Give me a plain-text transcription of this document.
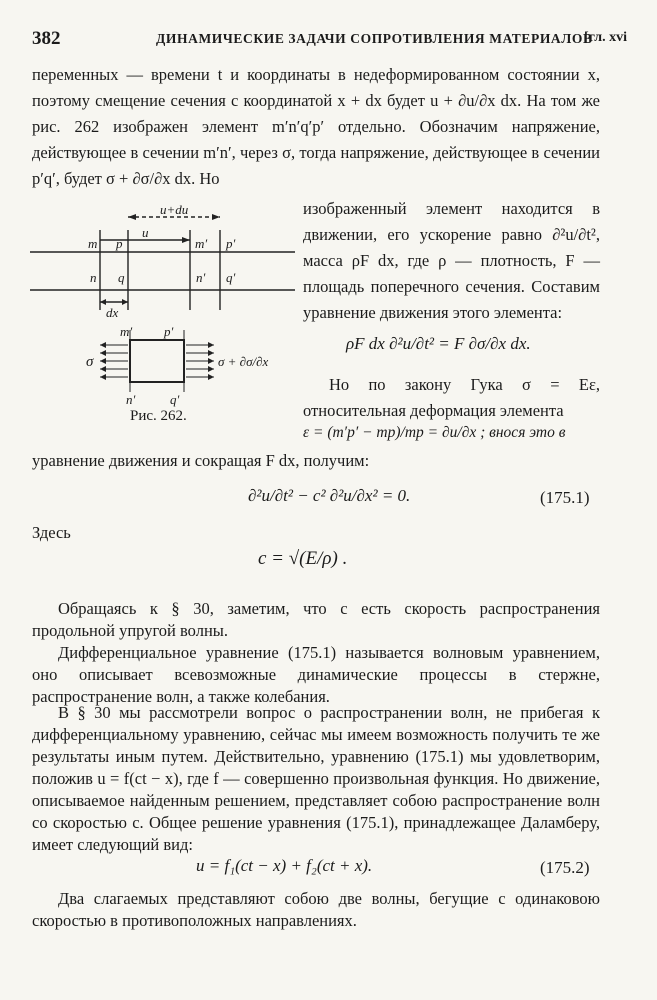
382	ДИНАМИЧЕСКИЕ ЗАДАЧИ СОПРОТИВЛЕНИЯ МАТЕРИАЛОВ
[гл. xvi

переменных — времени t и координаты в недеформированном состоянии x, поэтому смещение сечения с координатой x + dx будет u + ∂u/∂x dx. На том же рис. 262 изображен элемент m′n′q′p′ отдельно. Обозначим напряжение, действующее в сечении m′n′, через σ, тогда напряжение, действующее в сечении p′q′, будет σ + ∂σ/∂x dx. Но

u+du
u
dx
m p	m′ p′
n q	n′ q′
m′ p′
n′	q′
σ	σ + ∂σ/∂x
Рис. 262.

изображенный элемент находится в движении, его ускорение равно ∂²u/∂t², масса ρF dx, где ρ — плотность, F — площадь поперечного сечения. Составим уравнение движения этого элемента:

ρF dx ∂²u/∂t² = F ∂σ/∂x dx.

Но по закону Гука σ = Eε, относительная деформация элемента

ε = (m′p′ − mp)/mp = ∂u/∂x ; внося это в

уравнение движения и сокращая F dx, получим:

∂²u/∂t² − c² ∂²u/∂x² = 0.	(175.1)
Здесь
c = √(E/ρ) .

Обращаясь к § 30, заметим, что c есть скорость распространения продольной упругой волны.

Дифференциальное уравнение (175.1) называется волновым уравнением, оно описывает всевозможные динамические процессы в стержне, распространение волн, а также колебания.

В § 30 мы рассмотрели вопрос о распространении волн, не прибегая к дифференциальному уравнению, сейчас мы имеем возможность получить те же результаты иным путем. Действительно, уравнению (175.1) мы удовлетворим, положив u = f(ct − x), где f — совершенно произвольная функция. Но движение, описываемое найденным решением, представляет собою распространение волн со скоростью c. Общее решение уравнения (175.1), принадлежащее Даламберу, имеет следующий вид:

u = f₁(ct − x) + f₂(ct + x).	(175.2)

Два слагаемых представляют собою две волны, бегущие с одинаковою скоростью в противоположных направлениях.
